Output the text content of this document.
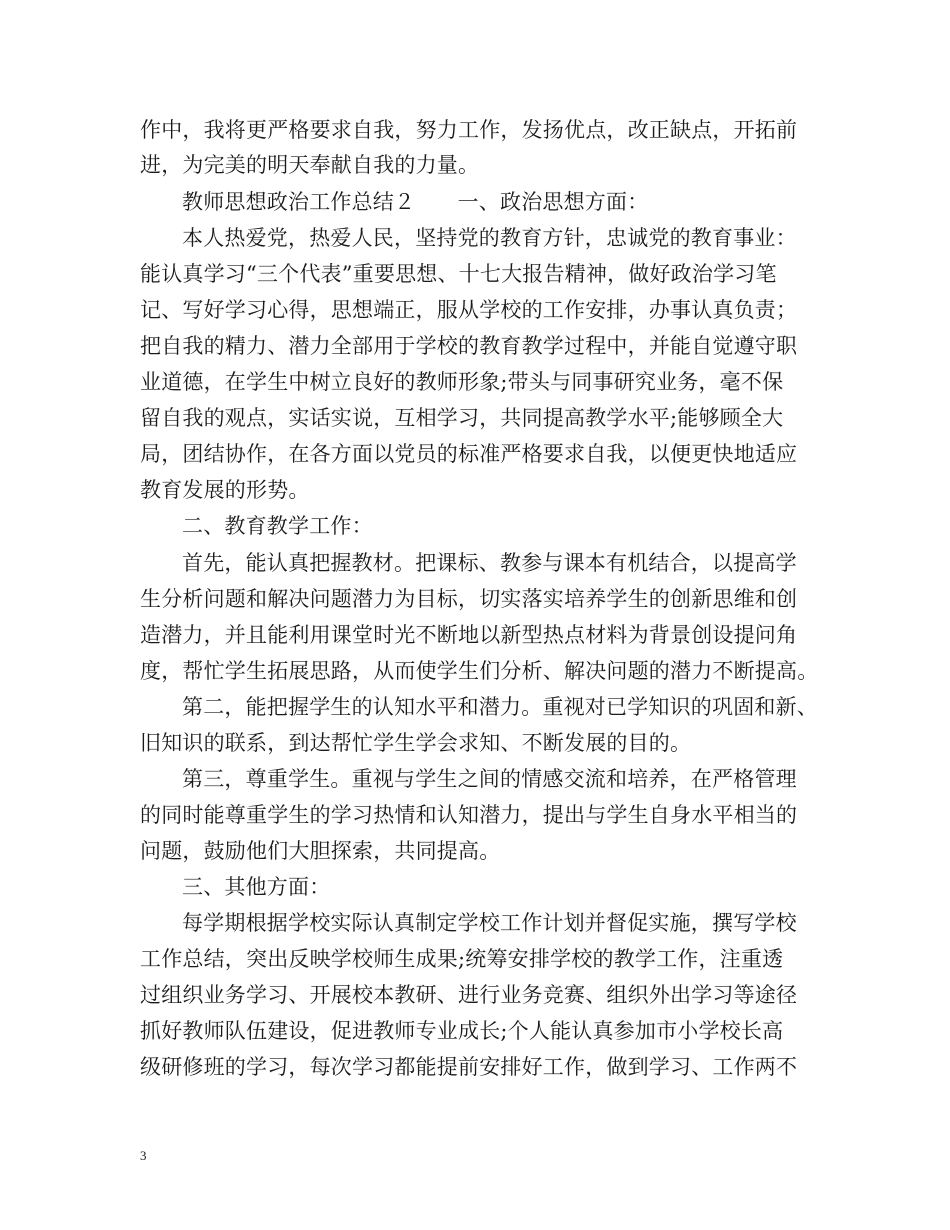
作中，我将更严格要求自我，努力工作，发扬优点，改正缺点，开拓前
进，为完美的明天奉献自我的力量。
教师思想政治工作总结２　　一、政治思想方面：
本人热爱党，热爱人民，坚持党的教育方针，忠诚党的教育事业：
能认真学习“三个代表”重要思想、十七大报告精神，做好政治学习笔
记、写好学习心得，思想端正，服从学校的工作安排，办事认真负责；
把自我的精力、潜力全部用于学校的教育教学过程中，并能自觉遵守职
业道德，在学生中树立良好的教师形象;带头与同事研究业务，毫不保
留自我的观点，实话实说，互相学习，共同提高教学水平;能够顾全大
局，团结协作，在各方面以党员的标准严格要求自我，以便更快地适应
教育发展的形势。
二、教育教学工作：
首先，能认真把握教材。把课标、教参与课本有机结合，以提高学
生分析问题和解决问题潜力为目标，切实落实培养学生的创新思维和创
造潜力，并且能利用课堂时光不断地以新型热点材料为背景创设提问角
度，帮忙学生拓展思路，从而使学生们分析、解决问题的潜力不断提高。
第二，能把握学生的认知水平和潜力。重视对已学知识的巩固和新、
旧知识的联系，到达帮忙学生学会求知、不断发展的目的。
第三，尊重学生。重视与学生之间的情感交流和培养，在严格管理
的同时能尊重学生的学习热情和认知潜力，提出与学生自身水平相当的
问题，鼓励他们大胆探索，共同提高。
三、其他方面：
每学期根据学校实际认真制定学校工作计划并督促实施，撰写学校
工作总结，突出反映学校师生成果;统筹安排学校的教学工作，注重透
过组织业务学习、开展校本教研、进行业务竞赛、组织外出学习等途径
抓好教师队伍建设，促进教师专业成长;个人能认真参加市小学校长高
级研修班的学习，每次学习都能提前安排好工作，做到学习、工作两不
3
